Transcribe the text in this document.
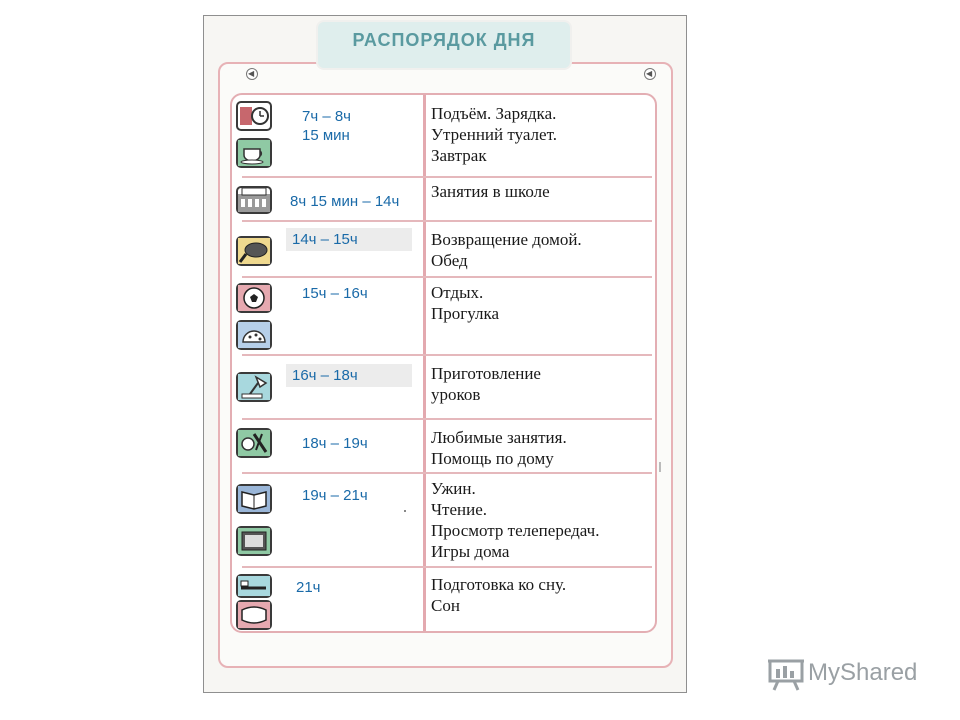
РАСПОРЯДОК ДНЯ
◀	◀
7ч – 8ч
15 мин
8ч 15 мин – 14ч
14ч – 15ч
15ч – 16ч
16ч – 18ч
18ч – 19ч
19ч – 21ч
21ч
Подъём. Зарядка.
Утренний туалет.
Завтрак
Занятия в школе
Возвращение домой.
Обед
Отдых.
Прогулка
Приготовление
уроков
Любимые занятия.
Помощь по дому
Ужин.
Чтение.
Просмотр телепередач.
Игры дома
Подготовка ко сну.
Сон
MyShared
